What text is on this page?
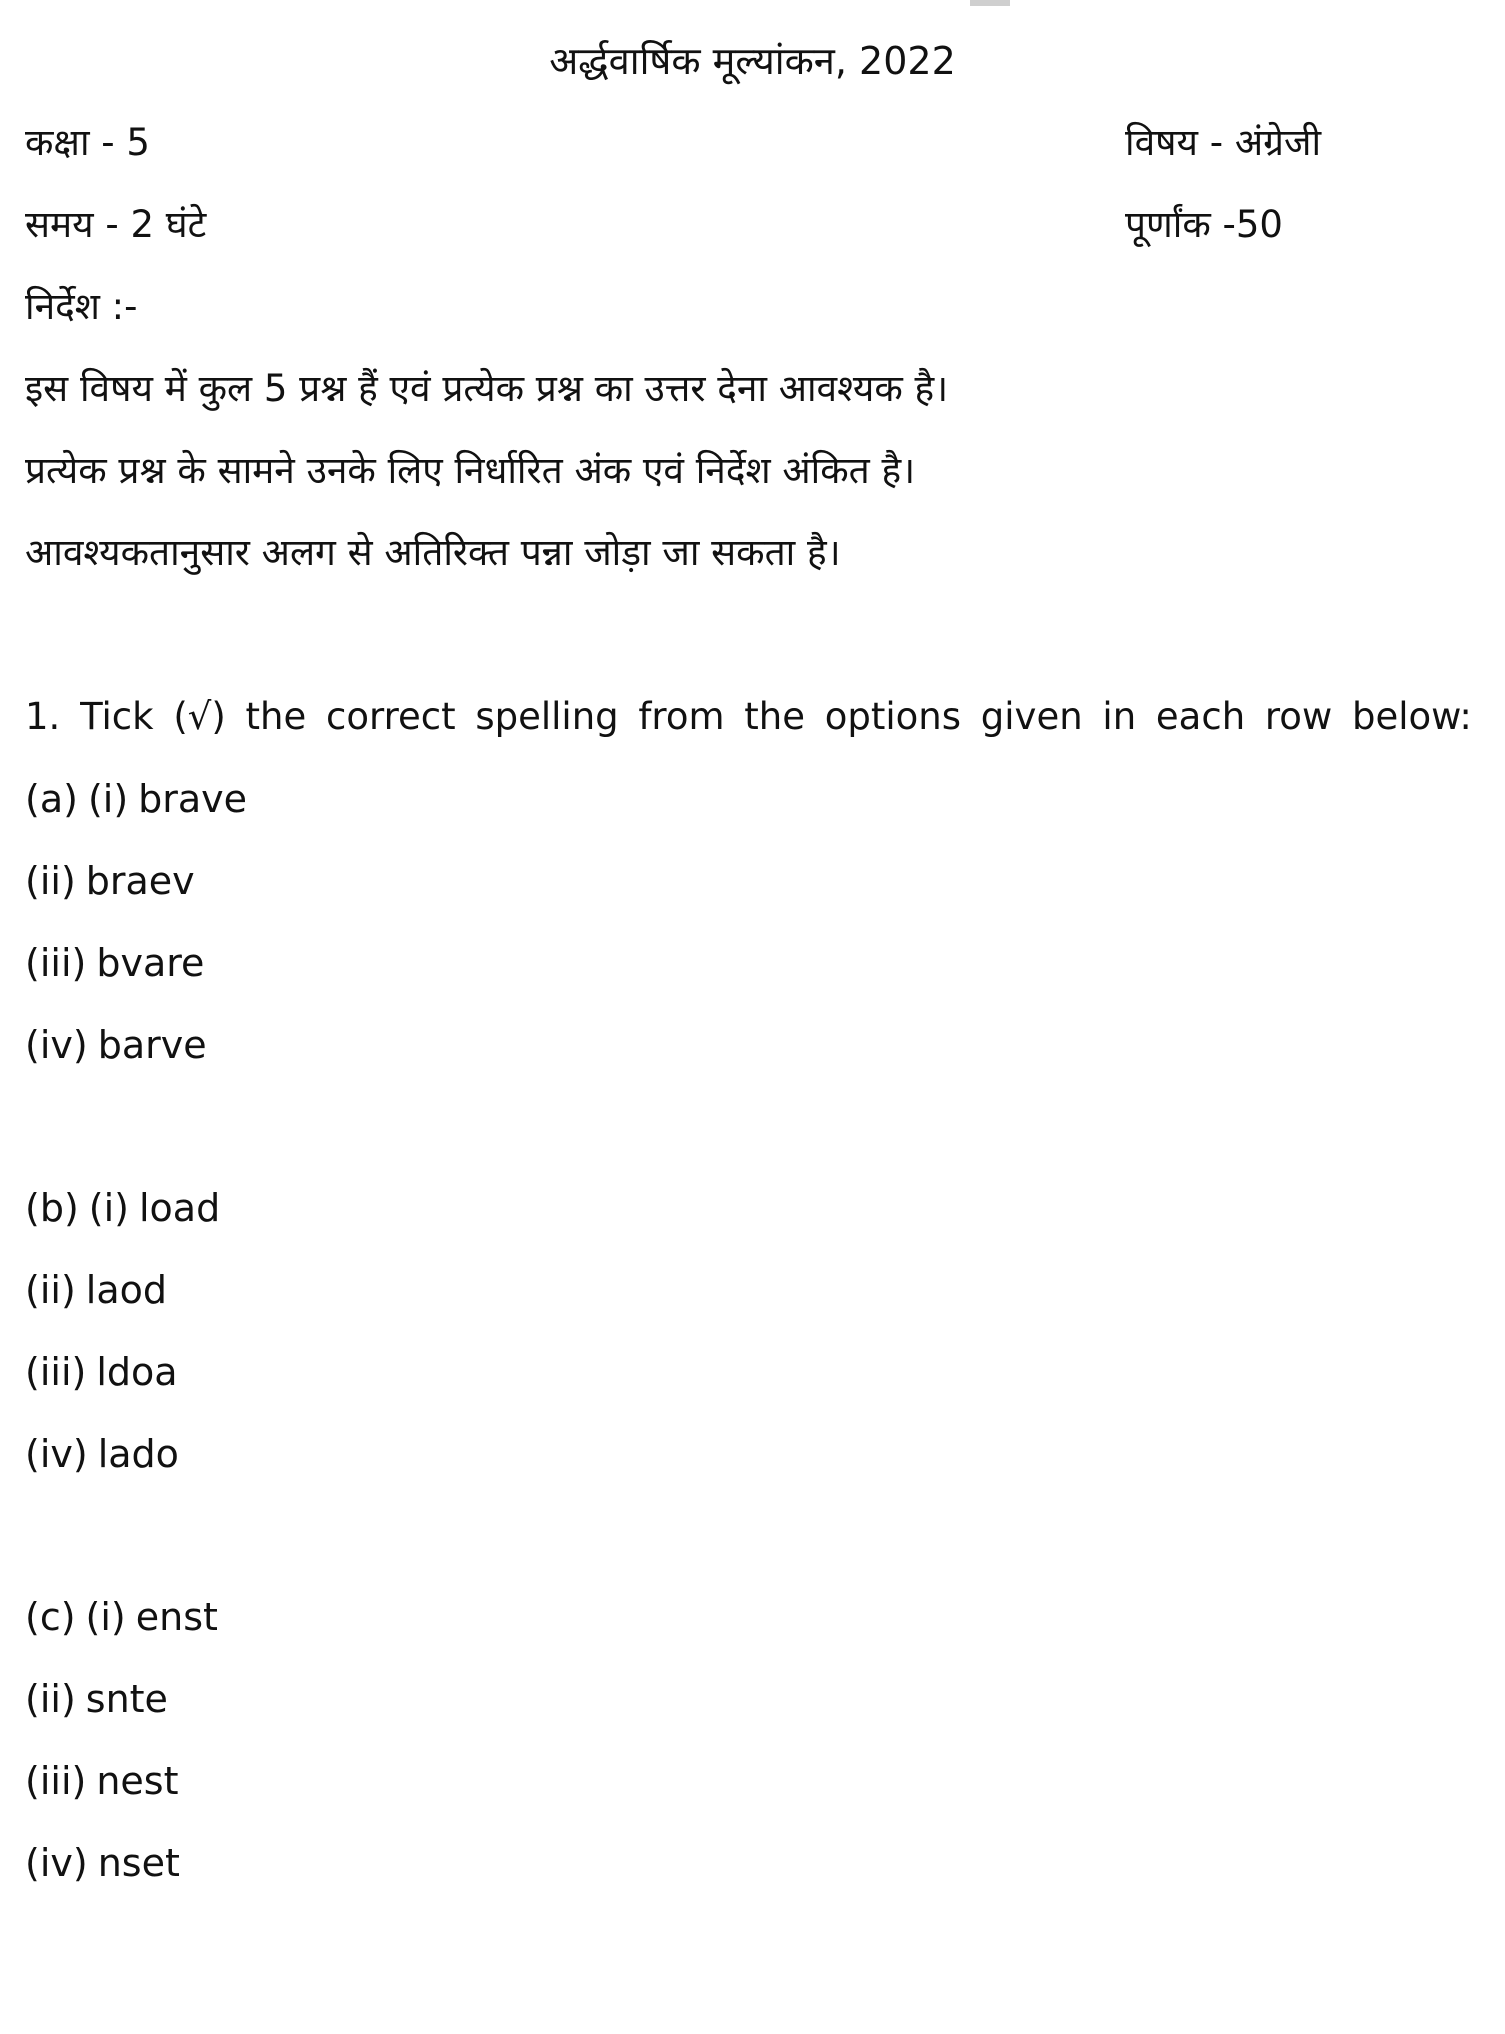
अर्द्धवार्षिक मूल्यांकन, 2022
कक्षा - 5	विषय - अंग्रेजी
समय - 2 घंटे	पूर्णांक -50
निर्देश :-
इस विषय में कुल 5 प्रश्न हैं एवं प्रत्येक प्रश्न का उत्तर देना आवश्यक है।
प्रत्येक प्रश्न के सामने उनके लिए निर्धारित अंक एवं निर्देश अंकित है।
आवश्यकतानुसार अलग से अतिरिक्त पन्ना जोड़ा जा सकता है।
1. Tick (√) the correct spelling from the options given in each row below:
(a) (i) brave
(ii) braev
(iii) bvare
(iv) barve
(b) (i) load
(ii) laod
(iii) ldoa
(iv) lado
(c) (i) enst
(ii) snte
(iii) nest
(iv) nset
